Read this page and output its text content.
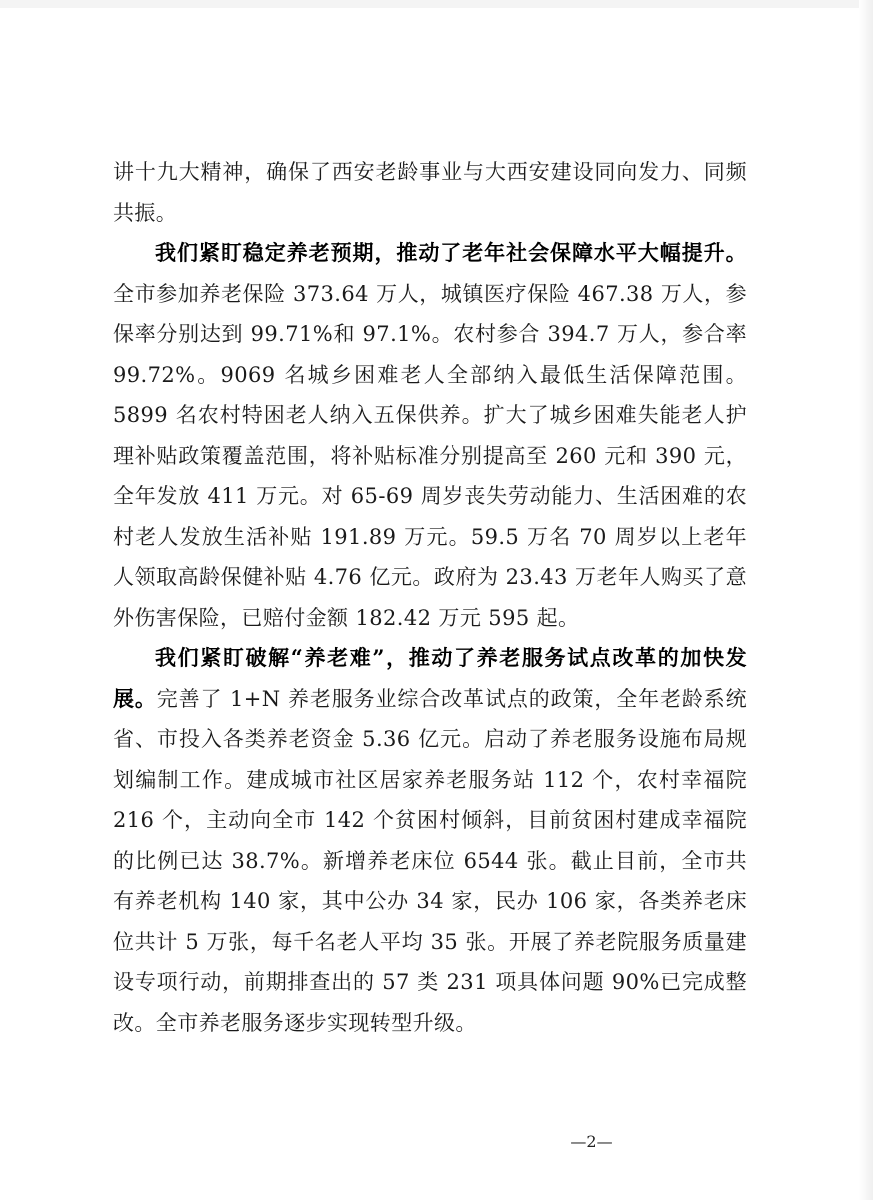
讲十九大精神，确保了西安老龄事业与大西安建设同向发力、同频共振。

我们紧盯稳定养老预期，推动了老年社会保障水平大幅提升。全市参加养老保险 373.64 万人，城镇医疗保险 467.38 万人，参保率分别达到 99.71%和 97.1%。农村参合 394.7 万人，参合率 99.72%。9069 名城乡困难老人全部纳入最低生活保障范围。5899 名农村特困老人纳入五保供养。扩大了城乡困难失能老人护理补贴政策覆盖范围，将补贴标准分别提高至 260 元和 390 元，全年发放 411 万元。对 65-69 周岁丧失劳动能力、生活困难的农村老人发放生活补贴 191.89 万元。59.5 万名 70 周岁以上老年人领取高龄保健补贴 4.76 亿元。政府为 23.43 万老年人购买了意外伤害保险，已赔付金额 182.42 万元 595 起。

我们紧盯破解“养老难”，推动了养老服务试点改革的加快发展。完善了 1+N 养老服务业综合改革试点的政策，全年老龄系统省、市投入各类养老资金 5.36 亿元。启动了养老服务设施布局规划编制工作。建成城市社区居家养老服务站 112 个，农村幸福院 216 个，主动向全市 142 个贫困村倾斜，目前贫困村建成幸福院的比例已达 38.7%。新增养老床位 6544 张。截止目前，全市共有养老机构 140 家，其中公办 34 家，民办 106 家，各类养老床位共计 5 万张，每千名老人平均 35 张。开展了养老院服务质量建设专项行动，前期排查出的 57 类 231 项具体问题 90%已完成整改。全市养老服务逐步实现转型升级。

—2—
